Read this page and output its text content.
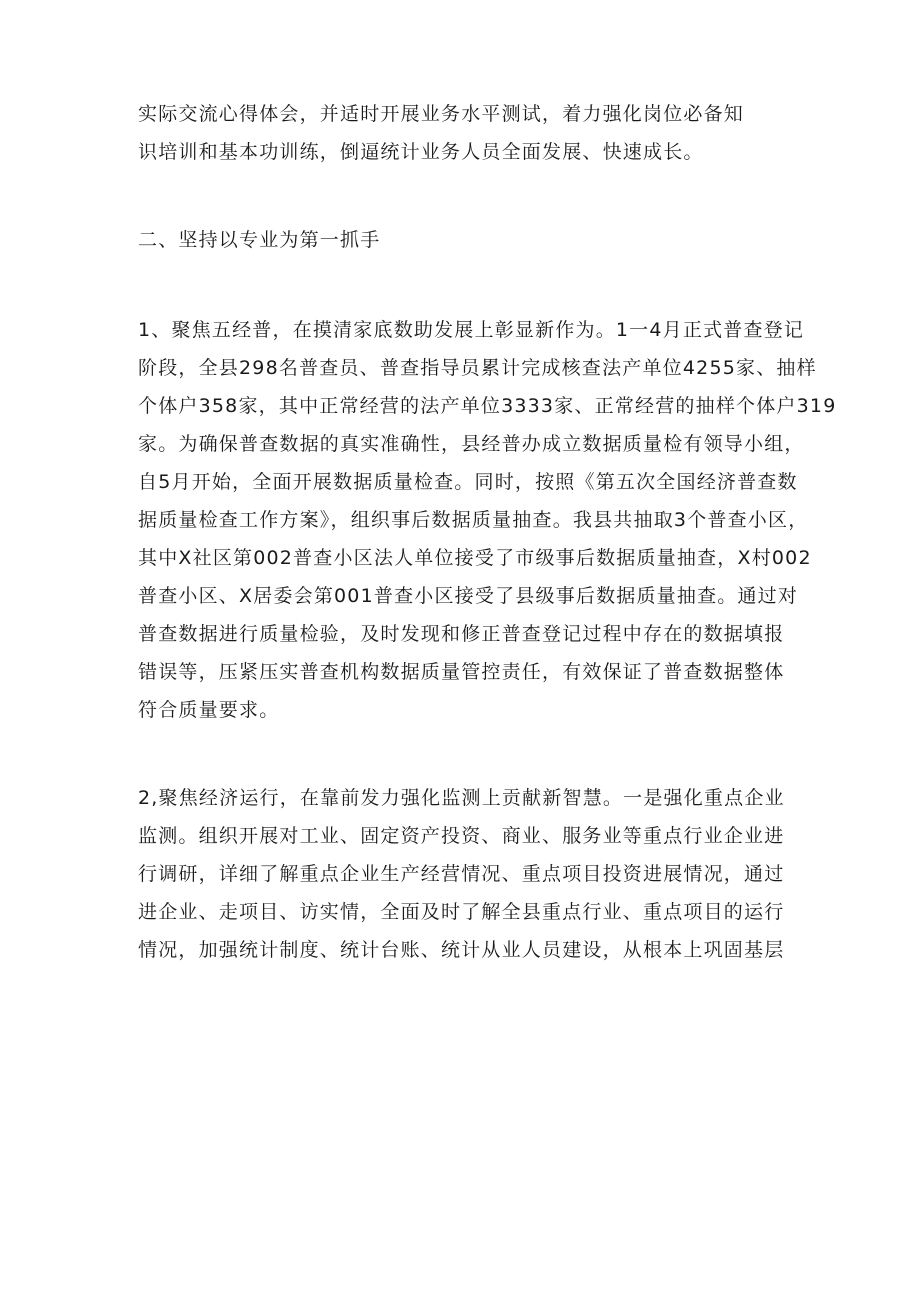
实际交流心得体会，并适时开展业务水平测试，着力强化岗位必备知
识培训和基本功训练，倒逼统计业务人员全面发展、快速成长。
二、坚持以专业为第一抓手
1、聚焦五经普，在摸清家底数助发展上彰显新作为。1一4月正式普查登记
阶段，全县298名普查员、普查指导员累计完成核查法产单位4255家、抽样
个体户358家，其中正常经营的法产单位3333家、正常经营的抽样个体户319
家。为确保普查数据的真实准确性，县经普办成立数据质量检有领导小组，
自5月开始，全面开展数据质量检查。同时，按照《第五次全国经济普查数
据质量检查工作方案》，组织事后数据质量抽查。我县共抽取3个普查小区，
其中X社区第002普查小区法人单位接受了市级事后数据质量抽查，X村002
普查小区、X居委会第001普查小区接受了县级事后数据质量抽查。通过对
普查数据进行质量检验，及时发现和修正普查登记过程中存在的数据填报
错误等，压紧压实普查机构数据质量管控责任，有效保证了普查数据整体
符合质量要求。
2,聚焦经济运行，在靠前发力强化监测上贡献新智慧。一是强化重点企业
监测。组织开展对工业、固定资产投资、商业、服务业等重点行业企业进
行调研，详细了解重点企业生产经营情况、重点项目投资进展情况，通过
进企业、走项目、访实情，全面及时了解全县重点行业、重点项目的运行
情况，加强统计制度、统计台账、统计从业人员建设，从根本上巩固基层
